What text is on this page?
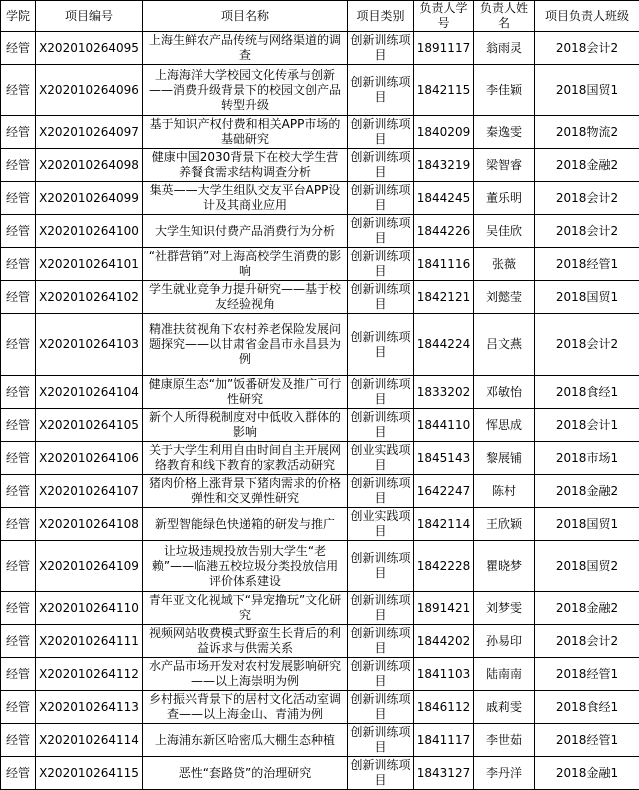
学院	项目编号	项目名称	项目类别	负责人学号	负责人姓名	项目负责人班级
经管	X202010264095	上海生鲜农产品传统与网络渠道的调查	创新训练项目	1891117	翁雨灵	2018会计2
经管	X202010264096	上海海洋大学校园文化传承与创新——消费升级背景下的校园文创产品转型升级	创新训练项目	1842115	李佳颖	2018国贸1
经管	X202010264097	基于知识产权付费和相关APP市场的基础研究	创新训练项目	1840209	秦逸雯	2018物流2
经管	X202010264098	健康中国2030背景下在校大学生营养餐食需求结构调查分析	创新训练项目	1843219	梁智睿	2018金融2
经管	X202010264099	集英——大学生组队交友平台APP设计及其商业应用	创新训练项目	1844245	董乐明	2018会计2
经管	X202010264100	大学生知识付费产品消费行为分析	创新训练项目	1844226	吴佳欣	2018会计2
经管	X202010264101	“社群营销”对上海高校学生消费的影响	创新训练项目	1841116	张薇	2018经管1
经管	X202010264102	学生就业竞争力提升研究——基于校友经验视角	创新训练项目	1842121	刘懿莹	2018国贸1
经管	X202010264103	精准扶贫视角下农村养老保险发展问题探究——以甘肃省金昌市永昌县为例	创新训练项目	1844224	吕文燕	2018会计2
经管	X202010264104	健康原生态“加”饭番研发及推广可行性研究	创新训练项目	1833202	邓敏怡	2018食经1
经管	X202010264105	新个人所得税制度对中低收入群体的影响	创新训练项目	1844110	恽思成	2018会计1
经管	X202010264106	关于大学生利用自由时间自主开展网络教育和线下教育的家教活动研究	创业实践项目	1845143	黎展铺	2018市场1
经管	X202010264107	猪肉价格上涨背景下猪肉需求的价格弹性和交叉弹性研究	创新训练项目	1642247	陈村	2018金融2
经管	X202010264108	新型智能绿色快递箱的研发与推广	创业实践项目	1842114	王欣颖	2018国贸1
经管	X202010264109	让垃圾违规投放告别大学生“老赖”——临港五校垃圾分类投放信用评价体系建设	创新训练项目	1842228	瞿晓梦	2018国贸2
经管	X202010264110	青年亚文化视域下“异宠撸玩”文化研究	创新训练项目	1891421	刘梦雯	2018金融2
经管	X202010264111	视频网站收费模式野蛮生长背后的利益诉求与供需关系	创新训练项目	1844202	孙易印	2018会计2
经管	X202010264112	水产品市场开发对农村发展影响研究——以上海崇明为例	创新训练项目	1841103	陆南南	2018经管1
经管	X202010264113	乡村振兴背景下的居村文化活动室调查——以上海金山、青浦为例	创新训练项目	1846112	戚莉雯	2018食经1
经管	X202010264114	上海浦东新区哈密瓜大棚生态种植	创新训练项目	1841117	李世茹	2018经管1
经管	X202010264115	恶性“套路贷”的治理研究	创新训练项目	1843127	李丹洋	2018金融1
